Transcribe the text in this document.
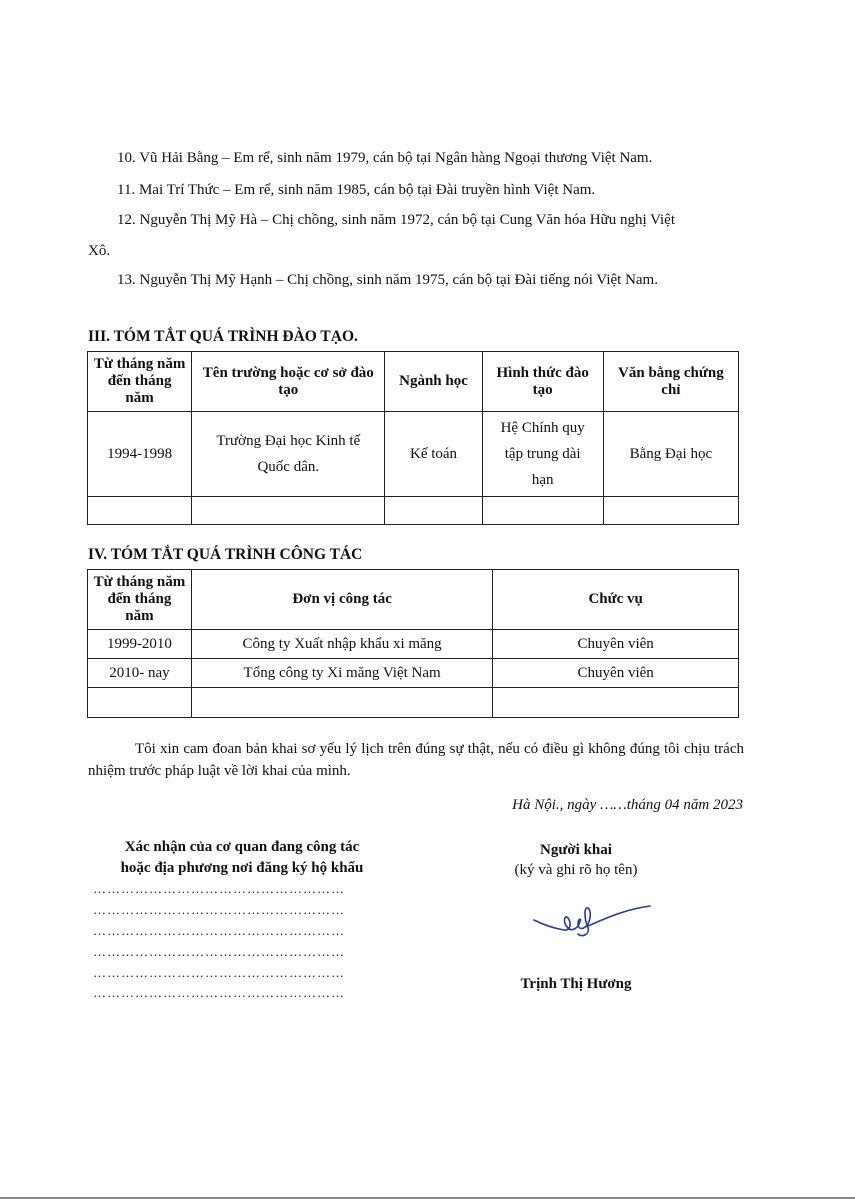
10. Vũ Hải Bằng – Em rể, sinh năm 1979, cán bộ tại Ngân hàng Ngoại thương Việt Nam.
11. Mai Trí Thức – Em rể, sinh năm 1985, cán bộ tại Đài truyền hình Việt Nam.
12. Nguyễn Thị Mỹ Hà – Chị chồng, sinh năm 1972, cán bộ tại Cung Văn hóa Hữu nghị Việt
Xô.
13. Nguyễn Thị Mỹ Hạnh – Chị chồng, sinh năm 1975, cán bộ tại Đài tiếng nói Việt Nam.
III. TÓM TẮT QUÁ TRÌNH ĐÀO TẠO.
Từ tháng năm đến tháng năm	Tên trường hoặc cơ sở đào tạo	Ngành học	Hình thức đào tạo	Văn bằng chứng chỉ
1994-1998	Trường Đại học Kinh tế Quốc dân.	Kế toán	Hệ Chính quy tập trung dài hạn	Bằng Đại học

IV. TÓM TẮT QUÁ TRÌNH CÔNG TÁC
Từ tháng năm đến tháng năm	Đơn vị công tác	Chức vụ
1999-2010	Công ty Xuất nhập khẩu xi măng	Chuyên viên
2010- nay	Tổng công ty Xi măng Việt Nam	Chuyên viên

Tôi xin cam đoan bản khai sơ yếu lý lịch trên đúng sự thật, nếu có điều gì không đúng tôi chịu trách nhiệm trước pháp luật về lời khai của mình.
Hà Nội., ngày ……tháng 04 năm 2023
Xác nhận của cơ quan đang công tác
hoặc địa phương nơi đăng ký hộ khẩu
………………………………………………
………………………………………………
………………………………………………
………………………………………………
………………………………………………
………………………………………………
Người khai
(ký và ghi rõ họ tên)
Trịnh Thị Hương
